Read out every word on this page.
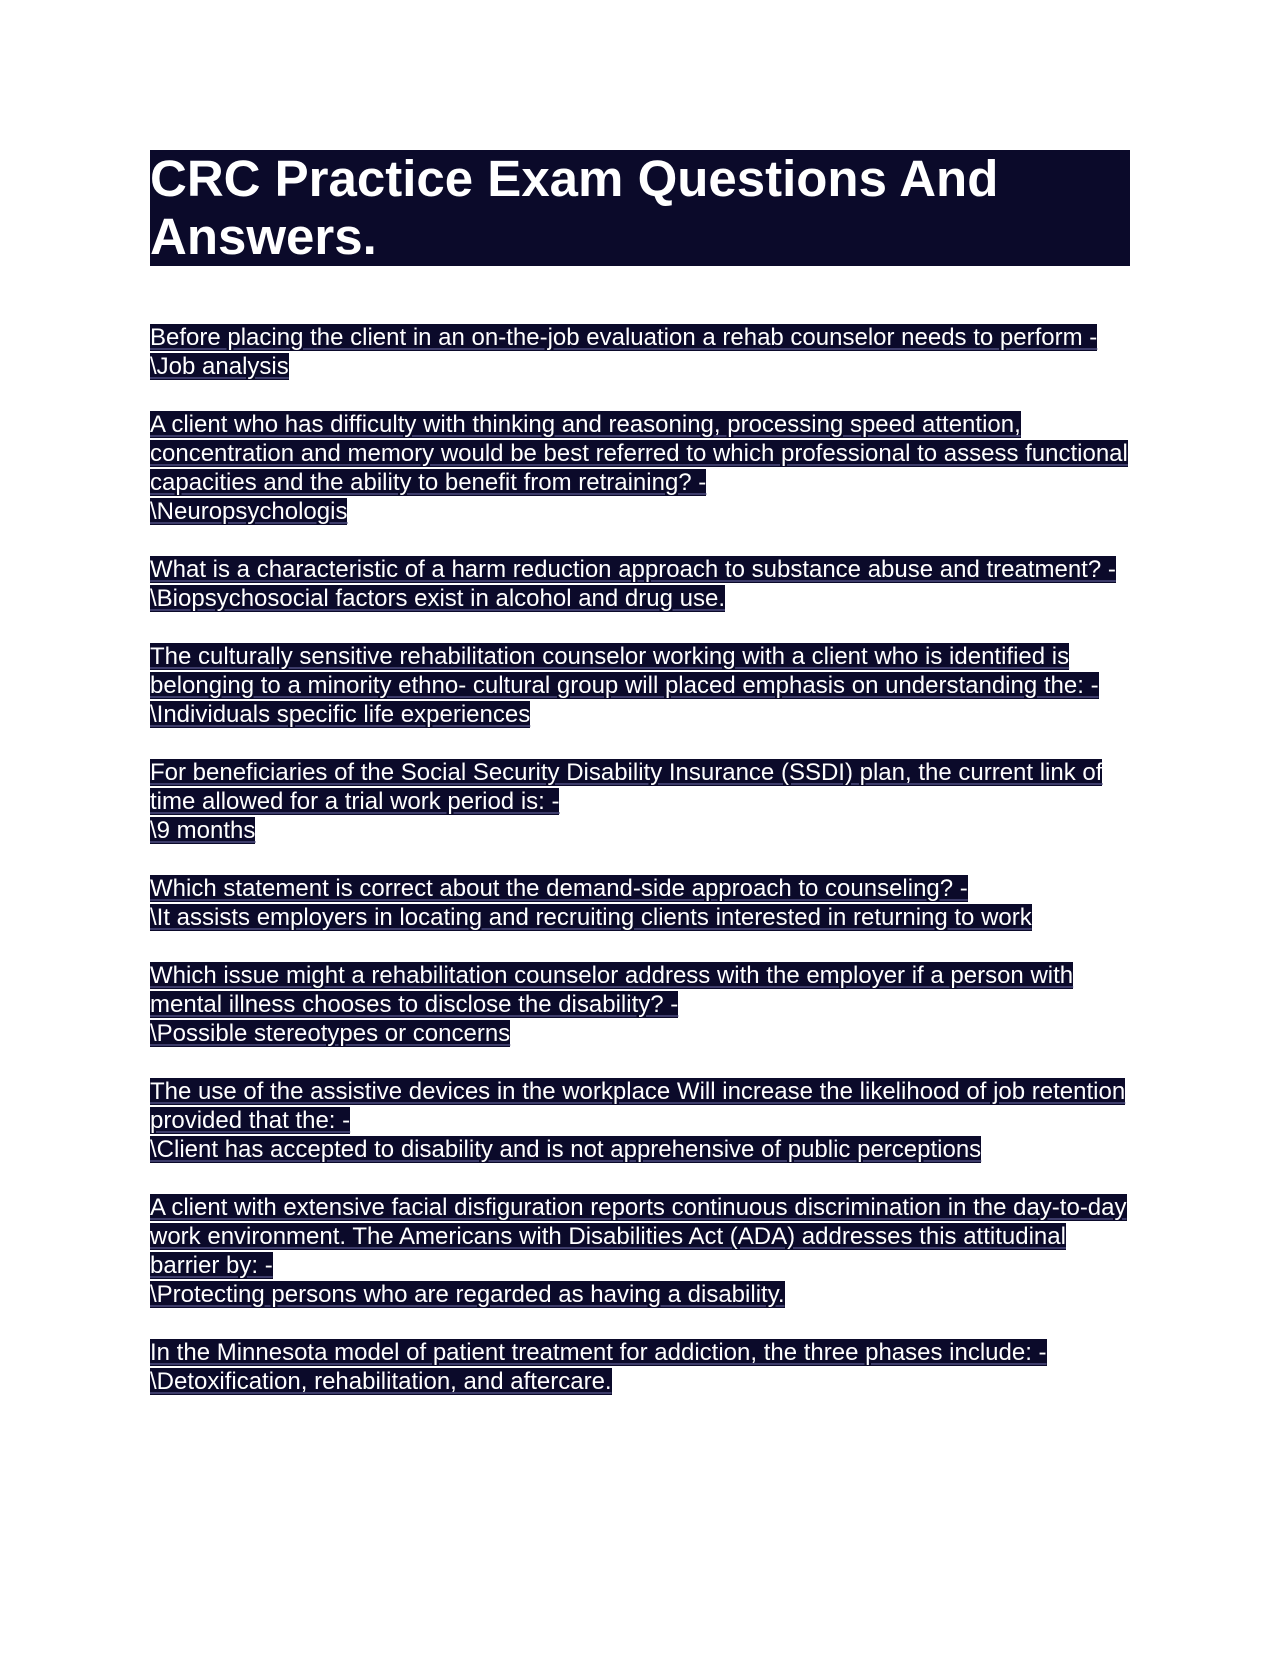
CRC Practice Exam Questions And Answers.
Before placing the client in an on-the-job evaluation a rehab counselor needs to perform -
\Job analysis
A client who has difficulty with thinking and reasoning, processing speed attention, concentration and memory would be best referred to which professional to assess functional capacities and the ability to benefit from retraining? -
\Neuropsychologis
What is a characteristic of a harm reduction approach to substance abuse and treatment? -
\Biopsychosocial factors exist in alcohol and drug use.
The culturally sensitive rehabilitation counselor working with a client who is identified is belonging to a minority ethno- cultural group will placed emphasis on understanding the: -
\Individuals specific life experiences
For beneficiaries of the Social Security Disability Insurance (SSDI) plan, the current link of time allowed for a trial work period is: -
\9 months
Which statement is correct about the demand-side approach to counseling? -
\It assists employers in locating and recruiting clients interested in returning to work
Which issue might a rehabilitation counselor address with the employer if a person with mental illness chooses to disclose the disability? -
\Possible stereotypes or concerns
The use of the assistive devices in the workplace Will increase the likelihood of job retention provided that the: -
\Client has accepted to disability and is not apprehensive of public perceptions
A client with extensive facial disfiguration reports continuous discrimination in the day-to-day work environment. The Americans with Disabilities Act (ADA) addresses this attitudinal barrier by: -
\Protecting persons who are regarded as having a disability.
In the Minnesota model of patient treatment for addiction, the three phases include: -
\Detoxification, rehabilitation, and aftercare.
